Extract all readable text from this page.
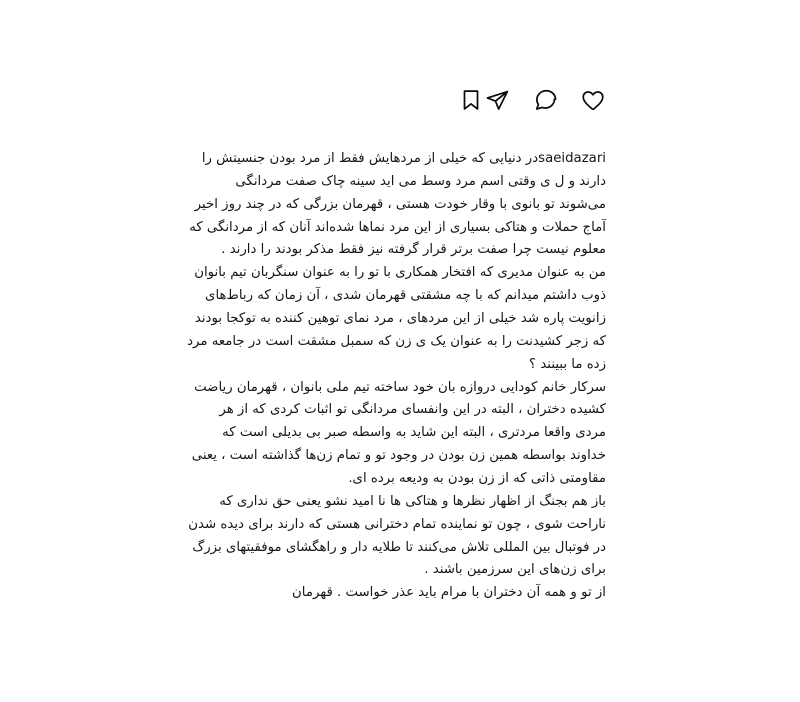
saeidazariدر دنیایی که خیلی از مردهایش فقط از مرد بودن جنسیتش را دارند و ل ی وقتی اسم مرد وسط می اید سینه چاک صفت مردانگی می‌شوند تو بانوی با وقار خودت هستی ، قهرمان بزرگی که در چند روز اخیر آماج حملات و هتاکی بسیاری از این مرد نماها شده‌اند آنان که از مردانگی که معلوم نیست چرا صفت برتر قرار گرفته نیز فقط مذکر بودند را دارند .

من به عنوان مدیری که افتخار همکاری با تو را به عنوان سنگربان تیم بانوان ذوب داشتم میدانم که با چه مشقتی قهرمان شدی ، آن زمان که رباط‌های زانویت پاره شد خیلی از این مردهای ، مرد نمای توهین کننده به توکجا بودند که زجر کشیدنت را به عنوان یک ی زن که سمبل مشقت است در جامعه مرد زده ما ببینند ؟

سرکار خانم کودایی دروازه بان خود ساخته تیم ملی بانوان ، قهرمان ریاضت کشیده دختران ، البته در این وانفسای مردانگی تو اثبات کردی که از هر مردی واقعا مردتری ، البته این شاید به واسطه صبر بی بدیلی است که خداوند بواسطه همین زن بودن در وجود تو و تمام زن‌ها گذاشته است ، یعنی مقاومتی ذاتی که از زن بودن به ودیعه برده ای.

باز هم بجنگ از اظهار نظرها و هتاکی ها نا امید نشو یعنی حق نداری که ناراحت شوی ، چون تو نماینده تمام دخترانی هستی که دارند برای دیده شدن در فوتبال بین المللی تلاش می‌کنند تا طلایه دار و راهگشای موفقیتهای بزرگ برای زن‌های این سرزمین باشند .

از تو و همه آن دختران با مرام باید عذر خواست . قهرمان
